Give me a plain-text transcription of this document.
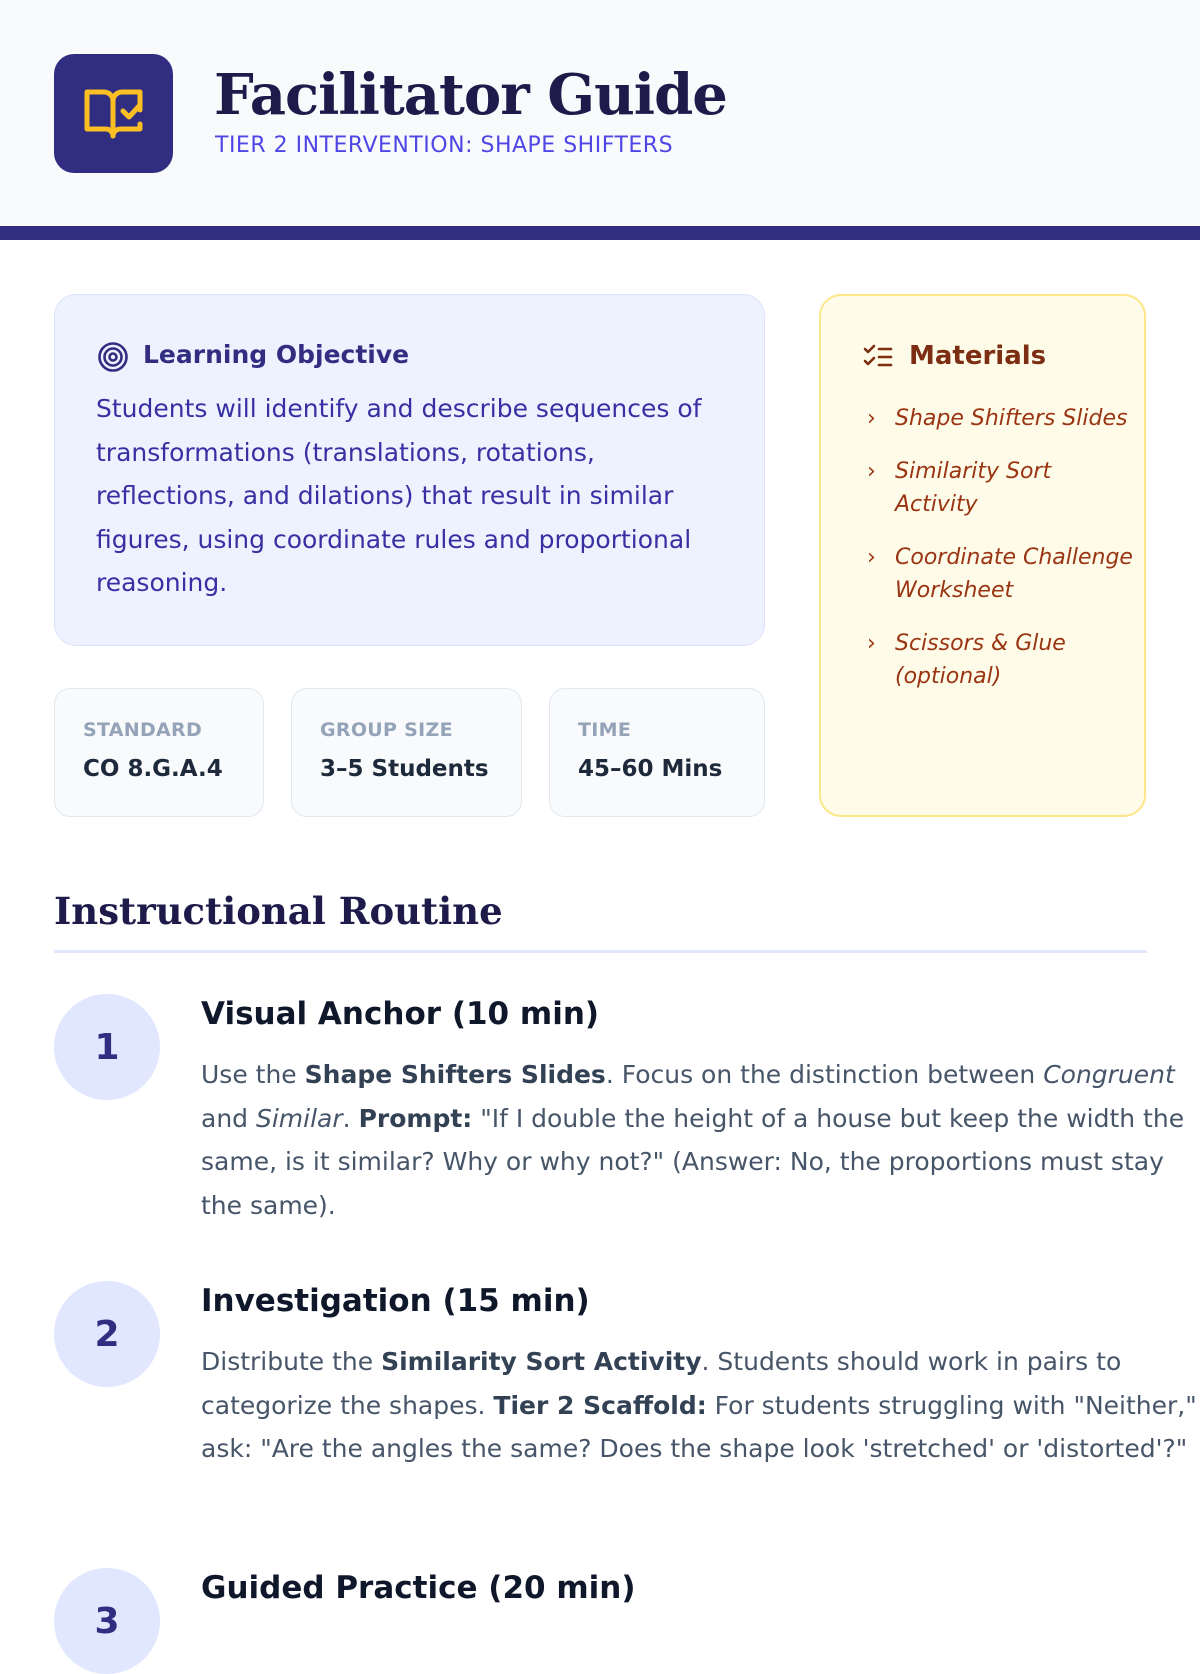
Facilitator Guide
TIER 2 INTERVENTION: SHAPE SHIFTERS
Learning Objective

Students will identify and describe sequences of transformations (translations, rotations, reflections, and dilations) that result in similar figures, using coordinate rules and proportional reasoning.

STANDARD
CO 8.G.A.4
GROUP SIZE
3–5 Students
TIME
45–60 Mins
Materials
› Shape Shifters Slides
› Similarity Sort Activity
› Coordinate Challenge Worksheet
› Scissors & Glue (optional)
Instructional Routine
1
Visual Anchor (10 min)

Use the Shape Shifters Slides. Focus on the distinction between Congruent and Similar. Prompt: "If I double the height of a house but keep the width the same, is it similar? Why or why not?" (Answer: No, the proportions must stay the same).

2
Investigation (15 min)

Distribute the Similarity Sort Activity. Students should work in pairs to categorize the shapes. Tier 2 Scaffold: For students struggling with "Neither," ask: "Are the angles the same? Does the shape look 'stretched' or 'distorted'?"

3
Guided Practice (20 min)
